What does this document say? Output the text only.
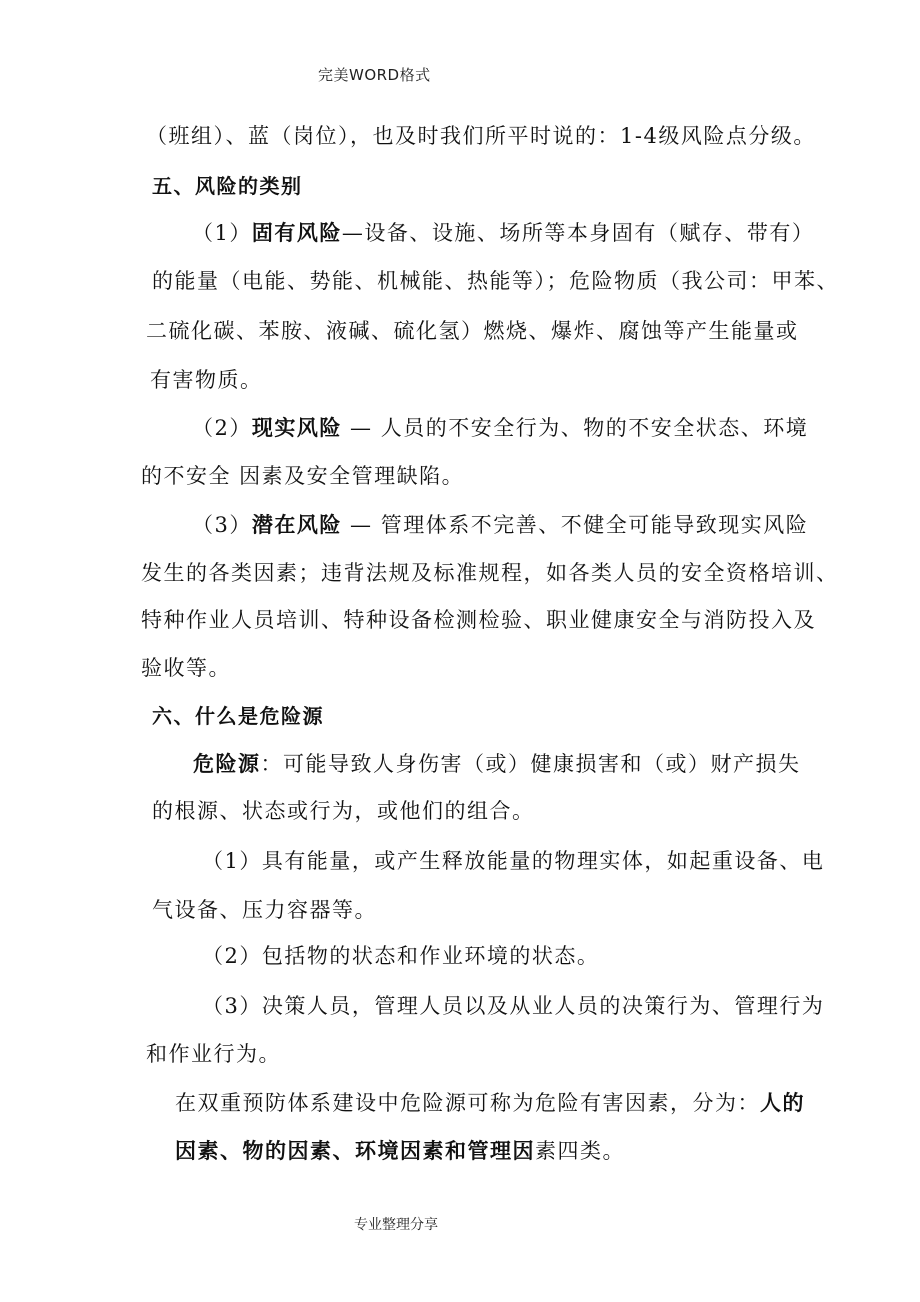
完美WORD格式
（班组）、蓝（岗位），也及时我们所平时说的：1-4级风险点分级。
五、风险的类别
（1）固有风险—设备、设施、场所等本身固有（赋存、带有）
的能量（电能、势能、机械能、热能等）；危险物质（我公司：甲苯、
二硫化碳、苯胺、液碱、硫化氢）燃烧、爆炸、腐蚀等产生能量或
有害物质。
（2）现实风险 — 人员的不安全行为、物的不安全状态、环境
的不安全 因素及安全管理缺陷。
（3）潜在风险 — 管理体系不完善、不健全可能导致现实风险
发生的各类因素；违背法规及标准规程，如各类人员的安全资格培训、
特种作业人员培训、特种设备检测检验、职业健康安全与消防投入及
验收等。
六、什么是危险源
危险源：可能导致人身伤害（或）健康损害和（或）财产损失
的根源、状态或行为，或他们的组合。
（1）具有能量，或产生释放能量的物理实体，如起重设备、电
气设备、压力容器等。
（2）包括物的状态和作业环境的状态。
（3）决策人员，管理人员以及从业人员的决策行为、管理行为
和作业行为。
在双重预防体系建设中危险源可称为危险有害因素，分为：人的
因素、物的因素、环境因素和管理因素四类。
专业整理分享
